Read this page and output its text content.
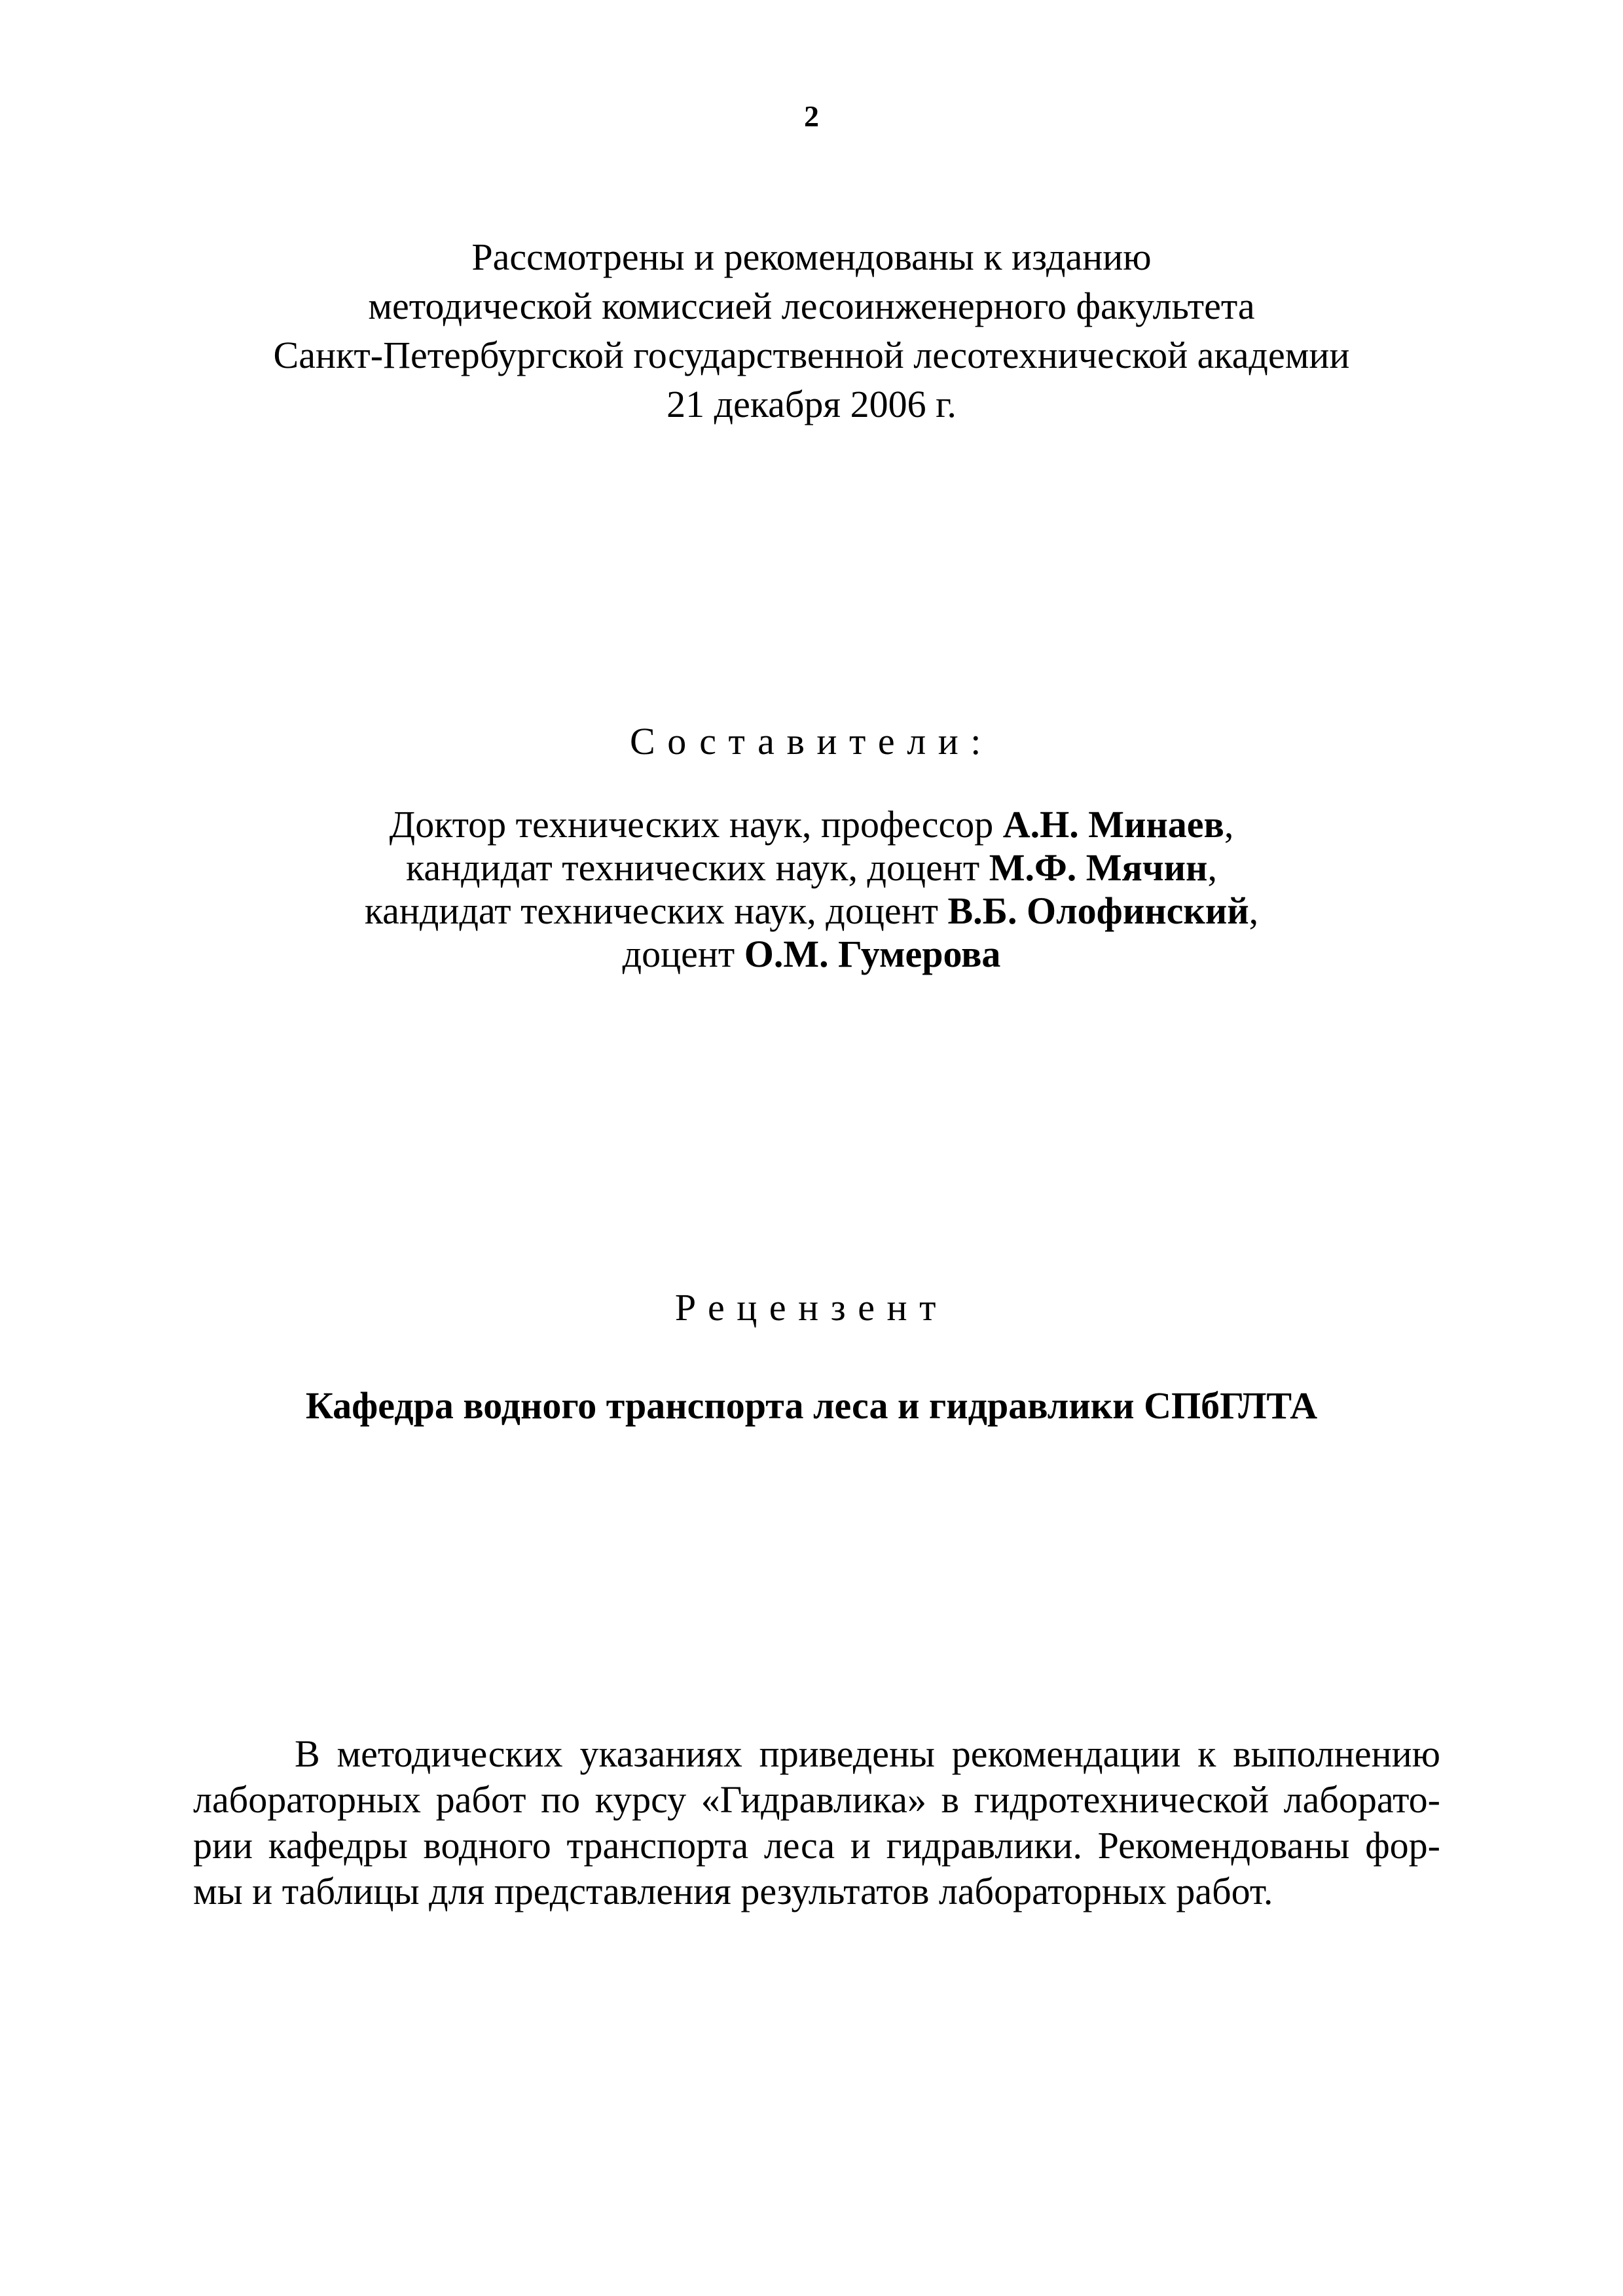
2
Рассмотрены и рекомендованы к изданию
методической комиссией лесоинженерного факультета
Санкт-Петербургской государственной лесотехнической академии
21 декабря 2006 г.
Составители:
Доктор технических наук, профессор А.Н. Минаев,
кандидат технических наук, доцент М.Ф. Мячин,
кандидат технических наук, доцент В.Б. Олофинский,
доцент О.М. Гумерова
Рецензент
Кафедра водного транспорта леса и гидравлики СПбГЛТА
В методических указаниях приведены рекомендации к выполнению
лабораторных работ по курсу «Гидравлика» в гидротехнической лаборато-
рии кафедры водного транспорта леса и гидравлики. Рекомендованы фор-
мы и таблицы для представления результатов лабораторных работ.
